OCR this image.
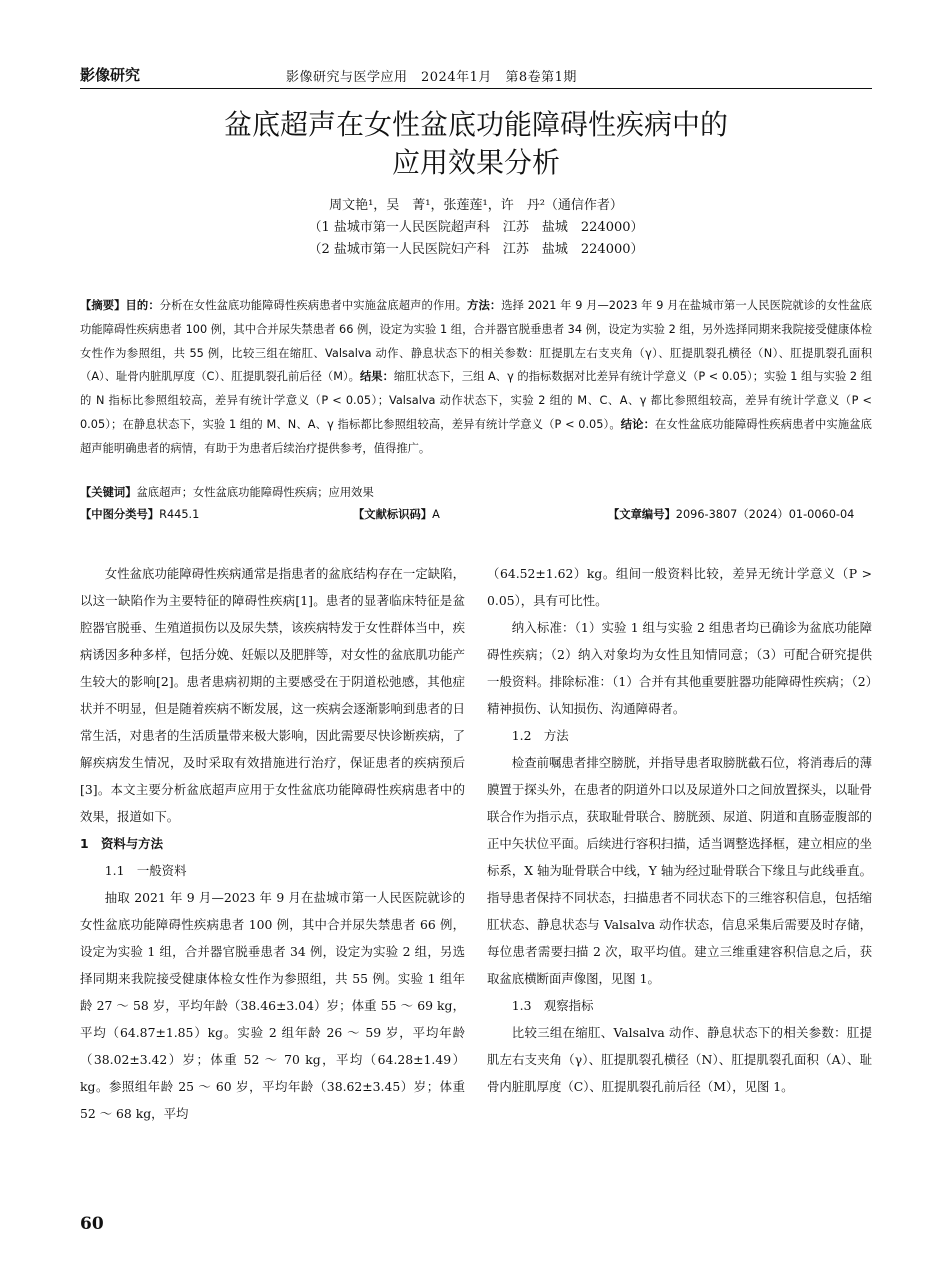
影像研究	影像研究与医学应用　2024年1月　第8卷第1期
盆底超声在女性盆底功能障碍性疾病中的
应用效果分析
周文艳¹，吴　菁¹，张莲莲¹，许　丹²（通信作者）
（1 盐城市第一人民医院超声科　江苏　盐城　224000）
（2 盐城市第一人民医院妇产科　江苏　盐城　224000）
【摘要】目的：分析在女性盆底功能障碍性疾病患者中实施盆底超声的作用。方法：选择 2021 年 9 月—2023 年 9 月在盐城市第一人民医院就诊的女性盆底功能障碍性疾病患者 100 例，其中合并尿失禁患者 66 例，设定为实验 1 组，合并器官脱垂患者 34 例，设定为实验 2 组，另外选择同期来我院接受健康体检女性作为参照组，共 55 例，比较三组在缩肛、Valsalva 动作、静息状态下的相关参数：肛提肌左右支夹角（γ）、肛提肌裂孔横径（N）、肛提肌裂孔面积（A）、耻骨内脏肌厚度（C）、肛提肌裂孔前后径（M）。结果：缩肛状态下，三组 A、γ 的指标数据对比差异有统计学意义（P < 0.05）；实验 1 组与实验 2 组的 N 指标比参照组较高，差异有统计学意义（P < 0.05）；Valsalva 动作状态下，实验 2 组的 M、C、A、γ 都比参照组较高，差异有统计学意义（P < 0.05）；在静息状态下，实验 1 组的 M、N、A、γ 指标都比参照组较高，差异有统计学意义（P < 0.05）。结论：在女性盆底功能障碍性疾病患者中实施盆底超声能明确患者的病情，有助于为患者后续治疗提供参考，值得推广。
【关键词】盆底超声；女性盆底功能障碍性疾病；应用效果
【中图分类号】R445.1	【文献标识码】A	【文章编号】2096-3807（2024）01-0060-04

女性盆底功能障碍性疾病通常是指患者的盆底结构存在一定缺陷，以这一缺陷作为主要特征的障碍性疾病[1]。患者的显著临床特征是盆腔器官脱垂、生殖道损伤以及尿失禁，该疾病特发于女性群体当中，疾病诱因多种多样，包括分娩、妊娠以及肥胖等，对女性的盆底肌功能产生较大的影响[2]。患者患病初期的主要感受在于阴道松弛感，其他症状并不明显，但是随着疾病不断发展，这一疾病会逐渐影响到患者的日常生活，对患者的生活质量带来极大影响，因此需要尽快诊断疾病，了解疾病发生情况，及时采取有效措施进行治疗，保证患者的疾病预后[3]。本文主要分析盆底超声应用于女性盆底功能障碍性疾病患者中的效果，报道如下。

1　资料与方法

1.1　一般资料

抽取 2021 年 9 月—2023 年 9 月在盐城市第一人民医院就诊的女性盆底功能障碍性疾病患者 100 例，其中合并尿失禁患者 66 例，设定为实验 1 组，合并器官脱垂患者 34 例，设定为实验 2 组，另选择同期来我院接受健康体检女性作为参照组，共 55 例。实验 1 组年龄 27 ～ 58 岁，平均年龄（38.46±3.04）岁；体重 55 ～ 69 kg，平均（64.87±1.85）kg。实验 2 组年龄 26 ～ 59 岁，平均年龄（38.02±3.42）岁；体重 52 ～ 70 kg，平均（64.28±1.49）kg。参照组年龄 25 ～ 60 岁，平均年龄（38.62±3.45）岁；体重 52 ～ 68 kg，平均

（64.52±1.62）kg。组间一般资料比较，差异无统计学意义（P > 0.05），具有可比性。

纳入标准：（1）实验 1 组与实验 2 组患者均已确诊为盆底功能障碍性疾病；（2）纳入对象均为女性且知情同意；（3）可配合研究提供一般资料。排除标准：（1）合并有其他重要脏器功能障碍性疾病；（2）精神损伤、认知损伤、沟通障碍者。

1.2　方法

检查前嘱患者排空膀胱，并指导患者取膀胱截石位，将消毒后的薄膜置于探头外，在患者的阴道外口以及尿道外口之间放置探头，以耻骨联合作为指示点，获取耻骨联合、膀胱颈、尿道、阴道和直肠壶腹部的正中矢状位平面。后续进行容积扫描，适当调整选择框，建立相应的坐标系，X 轴为耻骨联合中线，Y 轴为经过耻骨联合下缘且与此线垂直。指导患者保持不同状态，扫描患者不同状态下的三维容积信息，包括缩肛状态、静息状态与 Valsalva 动作状态，信息采集后需要及时存储，每位患者需要扫描 2 次，取平均值。建立三维重建容积信息之后，获取盆底横断面声像图，见图 1。

1.3　观察指标

比较三组在缩肛、Valsalva 动作、静息状态下的相关参数：肛提肌左右支夹角（γ）、肛提肌裂孔横径（N）、肛提肌裂孔面积（A）、耻骨内脏肌厚度（C）、肛提肌裂孔前后径（M），见图 1。

60
